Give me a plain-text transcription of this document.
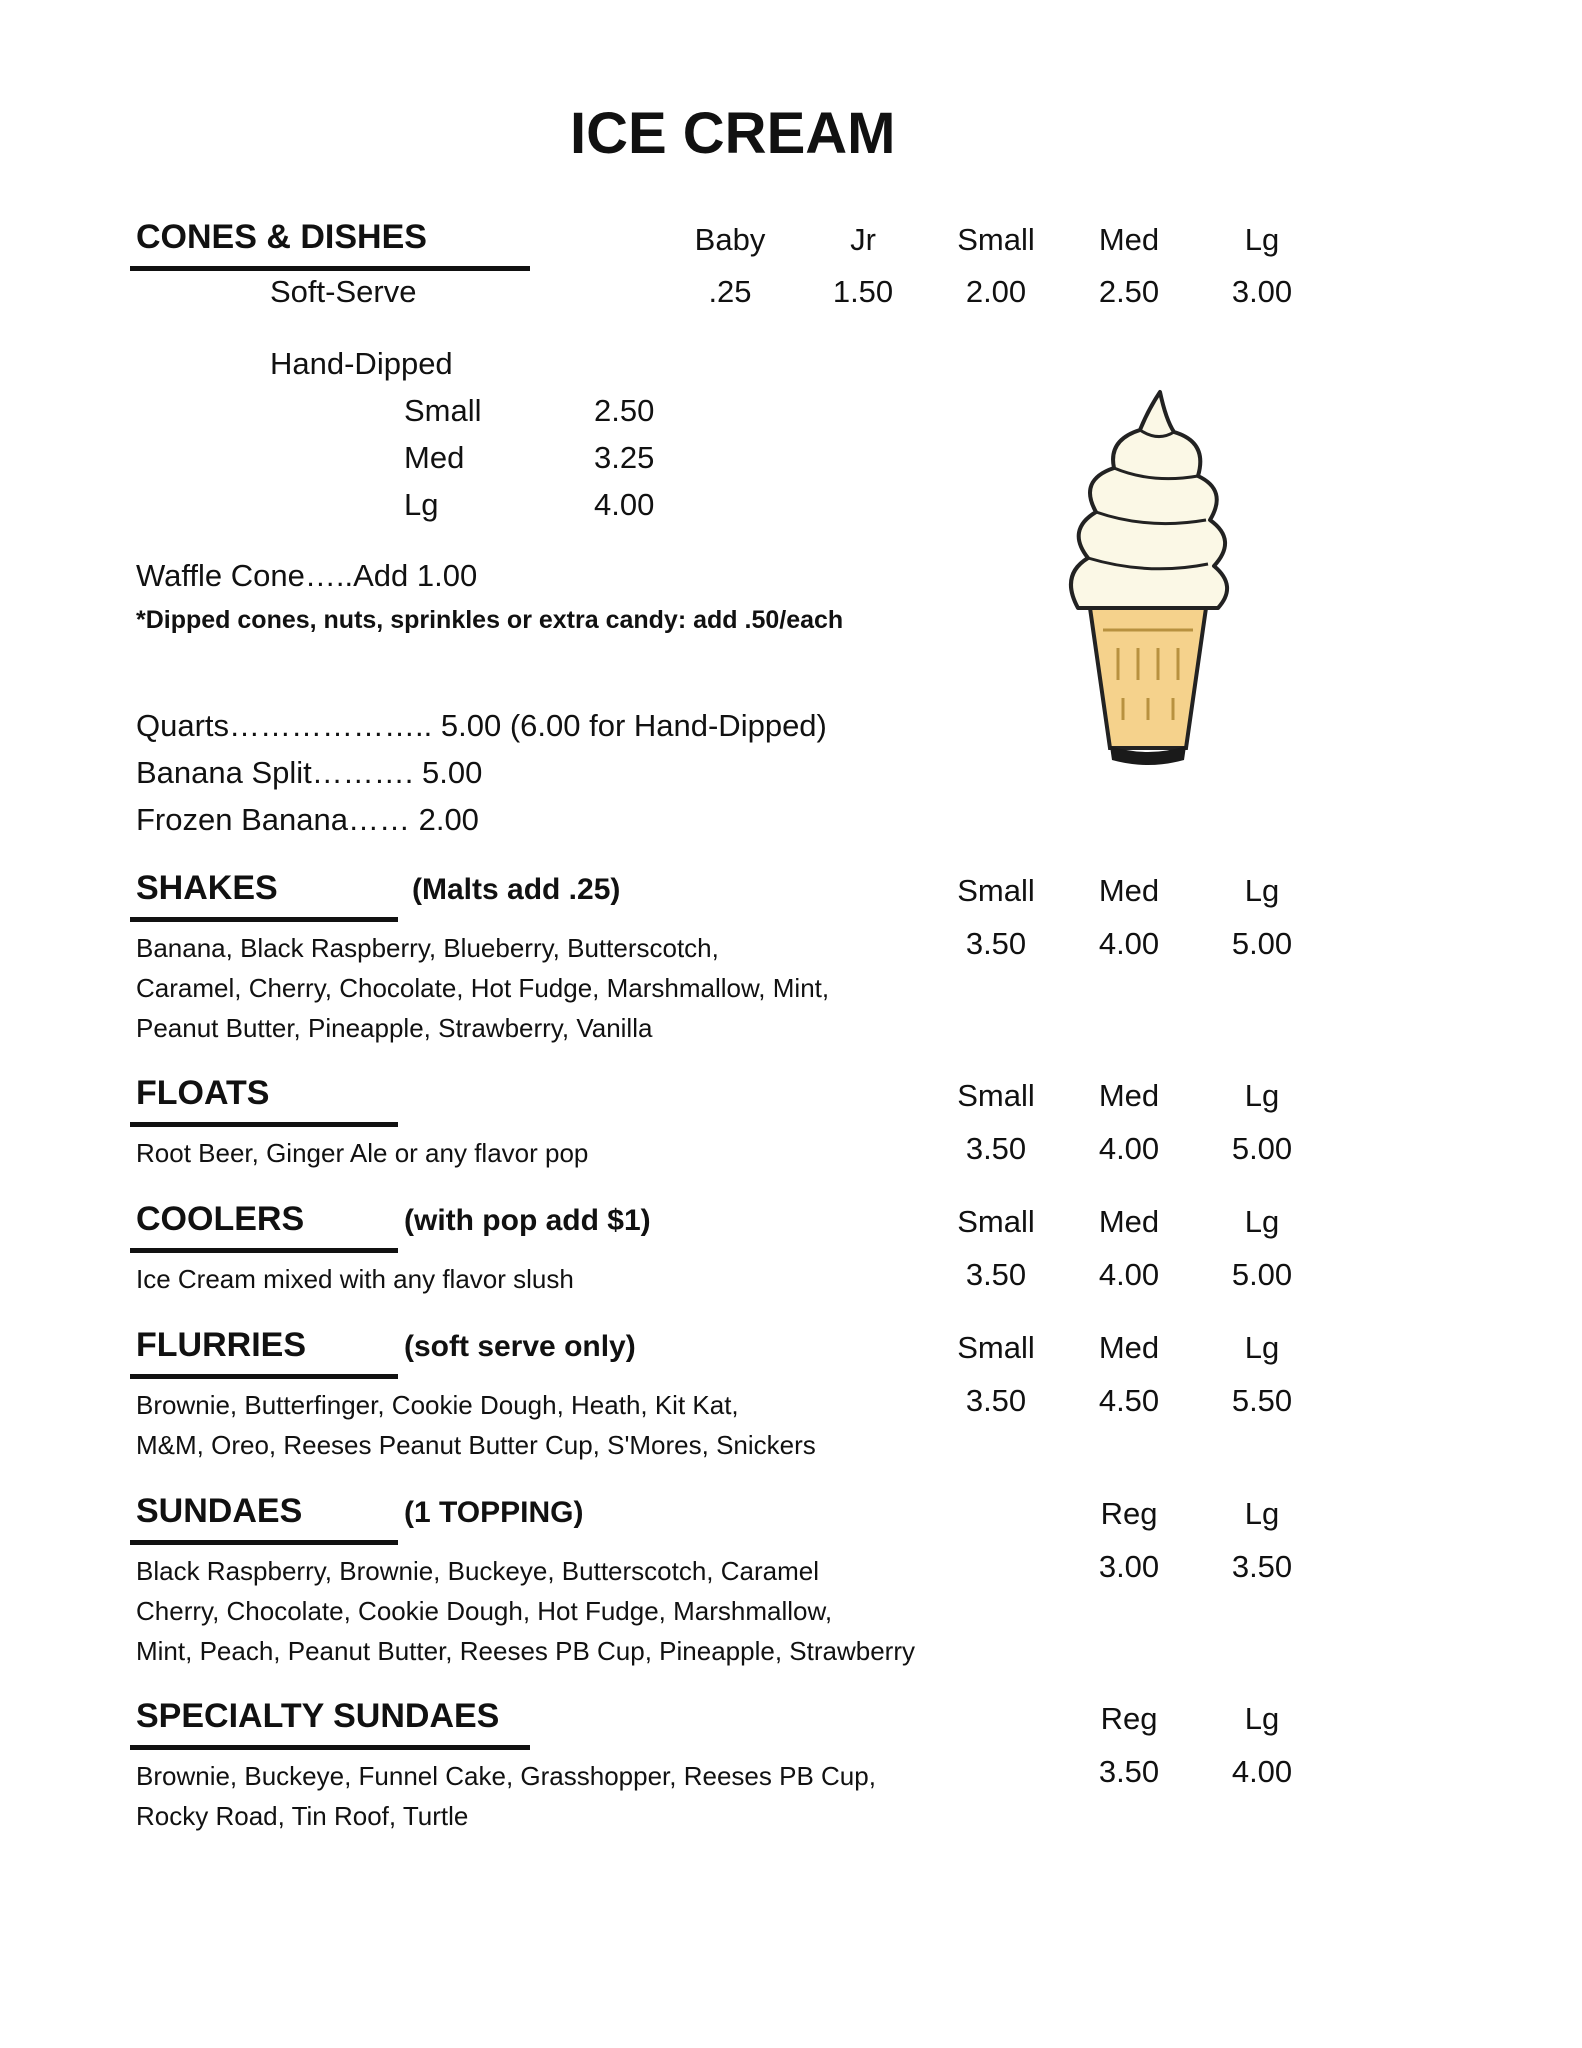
ICE CREAM
CONES & DISHES	Baby	Jr	Small	Med	Lg
Soft-Serve	.25	1.50	2.00	2.50	3.00
Hand-Dipped
Small	2.50
Med	3.25
Lg	4.00
Waffle Cone…..Add 1.00
*Dipped cones, nuts, sprinkles or extra candy: add .50/each
Quarts……………….. 5.00 (6.00 for Hand-Dipped)
Banana Split………. 5.00
Frozen Banana…… 2.00
SHAKES	(Malts add .25)	Small	Med	Lg
3.50	4.00	5.00
Banana, Black Raspberry, Blueberry, Butterscotch,
Caramel, Cherry, Chocolate, Hot Fudge, Marshmallow, Mint,
Peanut Butter, Pineapple, Strawberry, Vanilla
FLOATS	Small	Med	Lg
3.50	4.00	5.00
Root Beer, Ginger Ale or any flavor pop
COOLERS	(with pop add $1)	Small	Med	Lg
3.50	4.00	5.00
Ice Cream mixed with any flavor slush
FLURRIES	(soft serve only)	Small	Med	Lg
3.50	4.50	5.50
Brownie, Butterfinger, Cookie Dough, Heath, Kit Kat,
M&M, Oreo, Reeses Peanut Butter Cup, S'Mores, Snickers
SUNDAES	(1 TOPPING)	Reg	Lg
3.00	3.50
Black Raspberry, Brownie, Buckeye, Butterscotch, Caramel
Cherry, Chocolate, Cookie Dough, Hot Fudge, Marshmallow,
Mint, Peach, Peanut Butter, Reeses PB Cup, Pineapple, Strawberry
SPECIALTY SUNDAES	Reg	Lg
3.50	4.00
Brownie, Buckeye, Funnel Cake, Grasshopper, Reeses PB Cup,
Rocky Road, Tin Roof, Turtle
